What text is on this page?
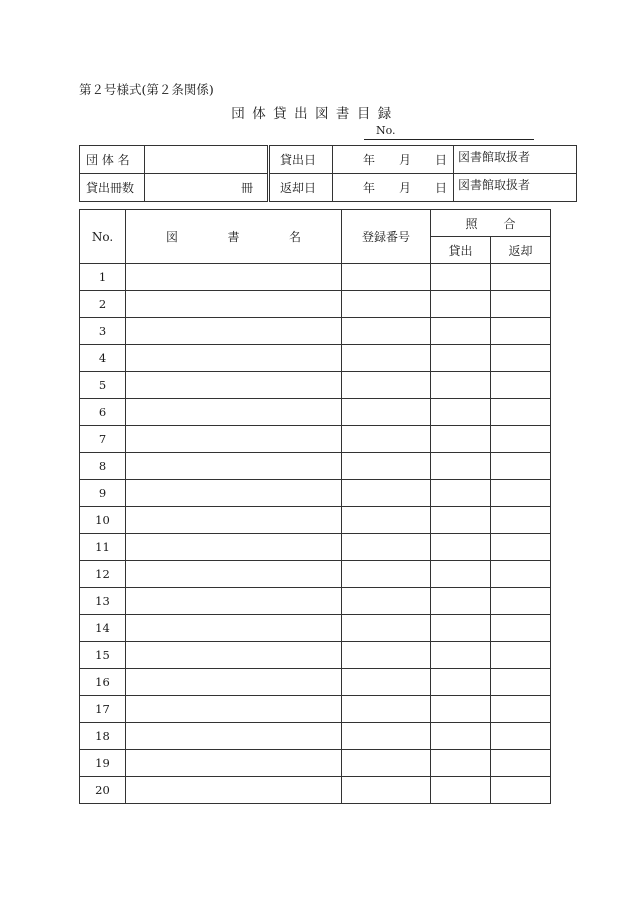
第２号様式(第２条関係)
団体貸出図書目録
No.
団 体 名		貸出日	年 月 日	図書館取扱者
貸出冊数	冊	返却日	年 月 日	図書館取扱者
No.	図 書 名	登録番号	照 合	

			貸出	返却
1				
2				
3				
4				
5				
6				
7				
8				
9				
10				
11				
12				
13				
14				
15				
16				
17				
18				
19				
20				
